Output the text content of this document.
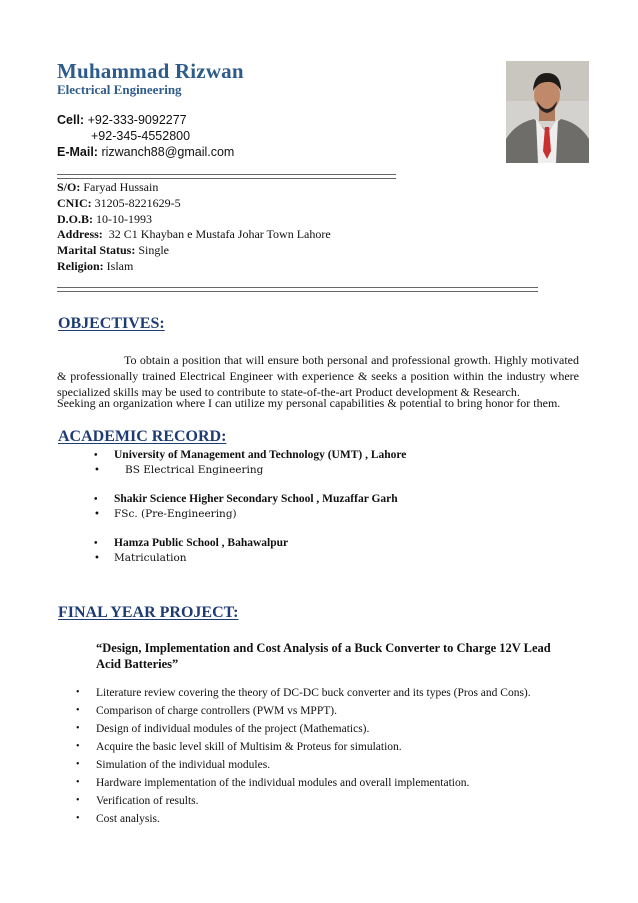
Muhammad Rizwan
Electrical Engineering
Cell: +92-333-9092277
+92-345-4552800
E-Mail: rizwanch88@gmail.com
S/O: Faryad Hussain
CNIC: 31205-8221629-5
D.O.B: 10-10-1993
Address: 32 C1 Khayban e Mustafa Johar Town Lahore
Marital Status: Single
Religion: Islam
OBJECTIVES:
To obtain a position that will ensure both personal and professional growth. Highly motivated & professionally trained Electrical Engineer with experience & seeks a position within the industry where specialized skills may be used to contribute to state-of-the-art Product development & Research.
Seeking an organization where I can utilize my personal capabilities & potential to bring honor for them.
ACADEMIC RECORD:
• University of Management and Technology (UMT) , Lahore
• BS Electrical Engineering
• Shakir Science Higher Secondary School , Muzaffar Garh
• FSc. (Pre-Engineering)
• Hamza Public School , Bahawalpur
• Matriculation
FINAL YEAR PROJECT:
“Design, Implementation and Cost Analysis of a Buck Converter to Charge 12V Lead Acid Batteries”
• Literature review covering the theory of DC-DC buck converter and its types (Pros and Cons).
• Comparison of charge controllers (PWM vs MPPT).
• Design of individual modules of the project (Mathematics).
• Acquire the basic level skill of Multisim & Proteus for simulation.
• Simulation of the individual modules.
• Hardware implementation of the individual modules and overall implementation.
• Verification of results.
• Cost analysis.
